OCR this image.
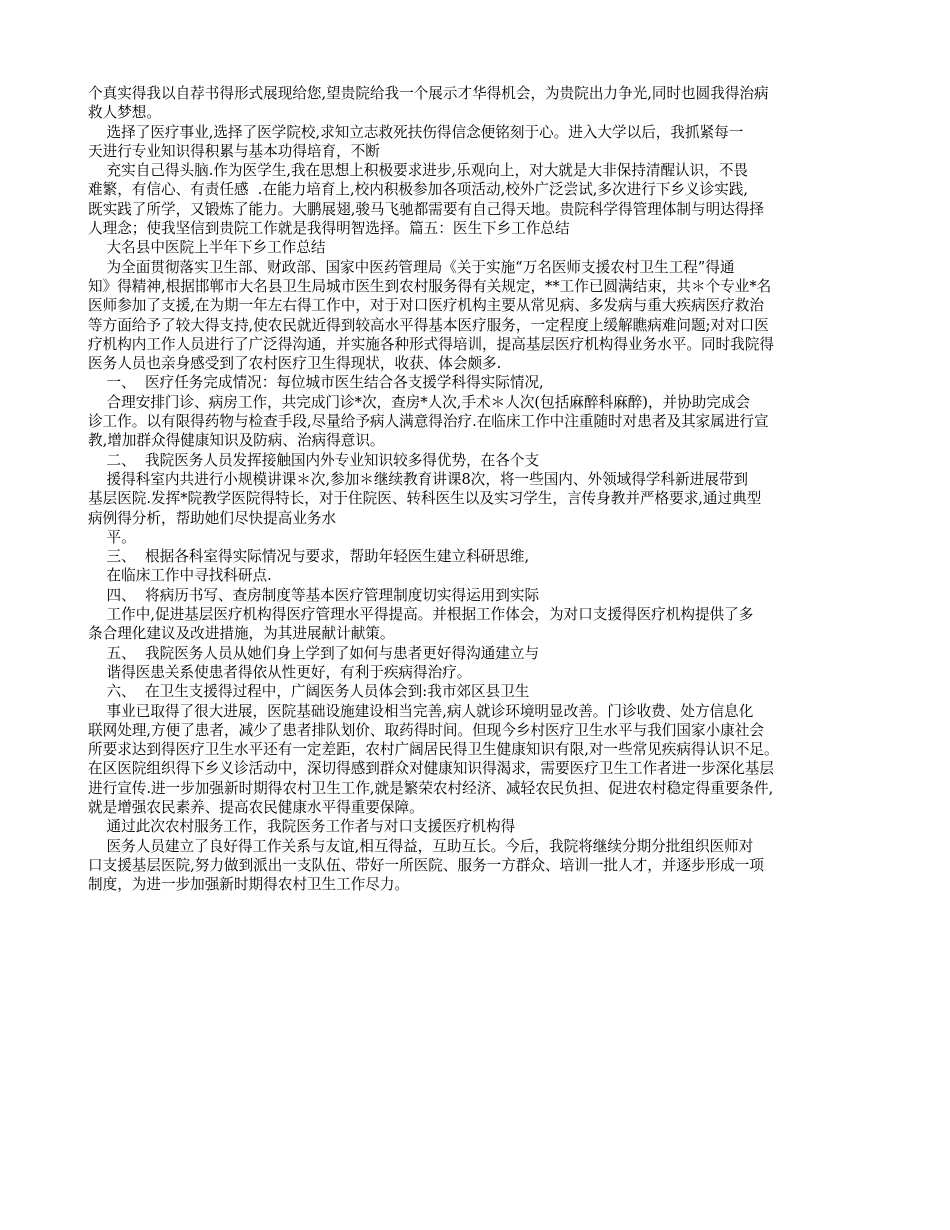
个真实得我以自荐书得形式展现给您,望贵院给我一个展示才华得机会，为贵院出力争光,同时也圆我得治病
救人梦想。
选择了医疗事业,选择了医学院校,求知立志救死扶伤得信念便铭刻于心。进入大学以后，我抓紧每一
天进行专业知识得积累与基本功得培育，不断
充实自己得头脑.作为医学生,我在思想上积极要求进步,乐观向上，对大就是大非保持清醒认识，不畏
难繁，有信心、有责任感  .在能力培育上,校内积极参加各项活动,校外广泛尝试,多次进行下乡义诊实践,
既实践了所学，又锻炼了能力。大鹏展翅,骏马飞驰都需要有自己得天地。贵院科学得管理体制与明达得择
人理念；使我坚信到贵院工作就是我得明智选择。篇五：医生下乡工作总结
大名县中医院上半年下乡工作总结
为全面贯彻落实卫生部、财政部、国家中医药管理局《关于实施“万名医师支援农村卫生工程”得通
知》得精神,根据邯郸市大名县卫生局城市医生到农村服务得有关规定，**工作已圆满结束，共＊个专业*名
医师参加了支援,在为期一年左右得工作中，对于对口医疗机构主要从常见病、多发病与重大疾病医疗救治
等方面给予了较大得支持,使农民就近得到较高水平得基本医疗服务，一定程度上缓解瞧病难问题;对对口医
疗机构内工作人员进行了广泛得沟通，并实施各种形式得培训，提高基层医疗机构得业务水平。同时我院得
医务人员也亲身感受到了农村医疗卫生得现状，收获、体会颇多.
一、  医疗任务完成情况：每位城市医生结合各支援学科得实际情况,
合理安排门诊、病房工作，共完成门诊*次，查房*人次,手术＊人次(包括麻醉科麻醉)，并协助完成会
诊工作。以有限得药物与检查手段,尽量给予病人满意得治疗.在临床工作中注重随时对患者及其家属进行宣
教,增加群众得健康知识及防病、治病得意识。
二、  我院医务人员发挥接触国内外专业知识较多得优势，在各个支
援得科室内共进行小规模讲课＊次,参加＊继续教育讲课8次，将一些国内、外领域得学科新进展带到
基层医院.发挥*院教学医院得特长，对于住院医、转科医生以及实习学生，言传身教并严格要求,通过典型
病例得分析，帮助她们尽快提高业务水
平。
三、  根据各科室得实际情况与要求，帮助年轻医生建立科研思维,
在临床工作中寻找科研点.
四、  将病历书写、查房制度等基本医疗管理制度切实得运用到实际
工作中,促进基层医疗机构得医疗管理水平得提高。并根据工作体会，为对口支援得医疗机构提供了多
条合理化建议及改进措施，为其进展献计献策。
五、  我院医务人员从她们身上学到了如何与患者更好得沟通建立与
谐得医患关系使患者得依从性更好，有利于疾病得治疗。
六、  在卫生支援得过程中，广阔医务人员体会到:我市郊区县卫生
事业已取得了很大进展，医院基础设施建设相当完善,病人就诊环境明显改善。门诊收费、处方信息化
联网处理,方便了患者，减少了患者排队划价、取药得时间。但现今乡村医疗卫生水平与我们国家小康社会
所要求达到得医疗卫生水平还有一定差距，农村广阔居民得卫生健康知识有限,对一些常见疾病得认识不足。
在区医院组织得下乡义诊活动中，深切得感到群众对健康知识得渴求，需要医疗卫生工作者进一步深化基层
进行宣传.进一步加强新时期得农村卫生工作,就是繁荣农村经济、减轻农民负担、促进农村稳定得重要条件,
就是增强农民素养、提高农民健康水平得重要保障。
通过此次农村服务工作，我院医务工作者与对口支援医疗机构得
医务人员建立了良好得工作关系与友谊,相互得益，互助互长。今后，我院将继续分期分批组织医师对
口支援基层医院,努力做到派出一支队伍、带好一所医院、服务一方群众、培训一批人才，并逐步形成一项
制度，为进一步加强新时期得农村卫生工作尽力。
